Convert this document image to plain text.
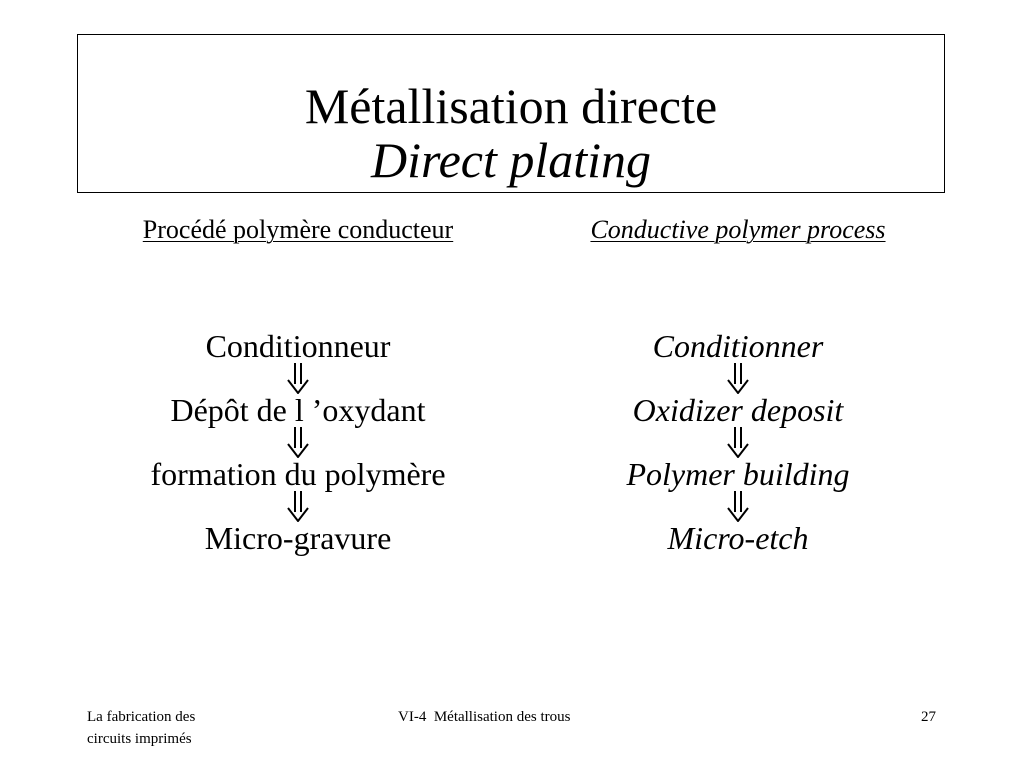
Métallisation directe

Direct plating

Procédé polymère conducteur
Conditionneur
Dépôt de l ’oxydant
formation du polymère
Micro-gravure
Conductive polymer process
Conditionner
Oxidizer deposit
Polymer building
Micro-etch
La fabrication des
circuits imprimés
VI-4  Métallisation des trous	27
